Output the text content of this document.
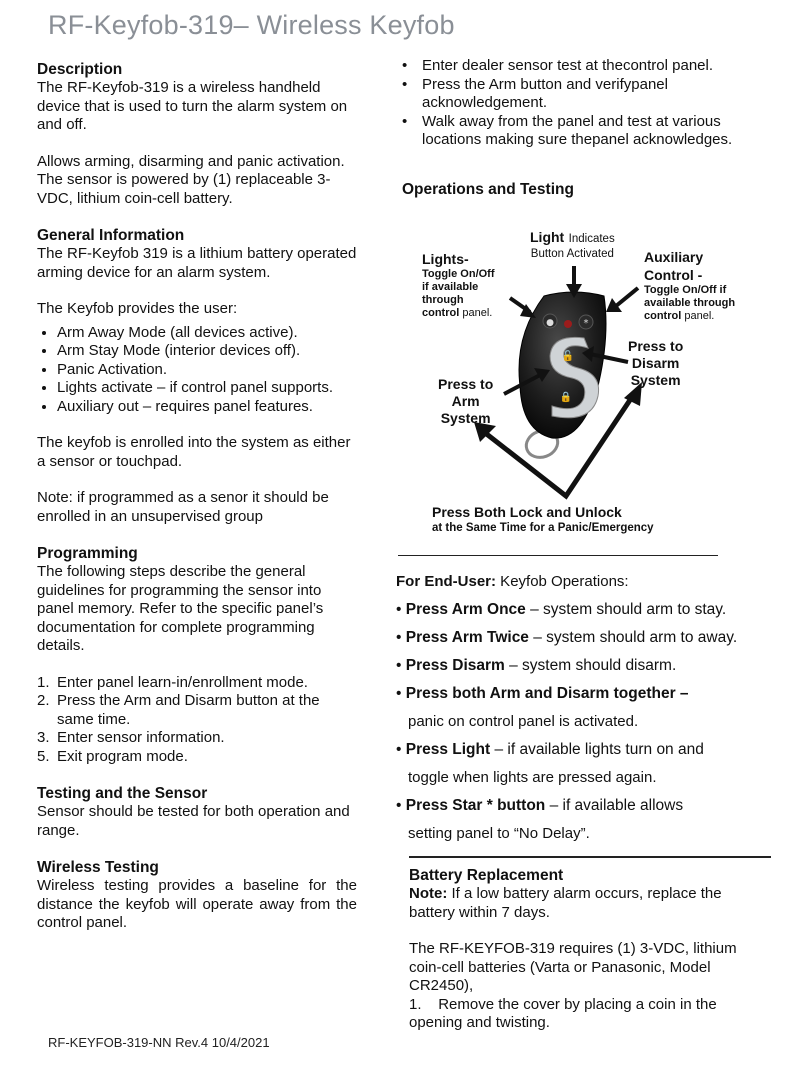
RF-Keyfob-319– Wireless Keyfob
Description

The RF-Keyfob-319 is a wireless handheld device that is used to turn the alarm system on and off.

Allows arming, disarming and panic activation. The sensor is powered by (1) replaceable 3-VDC, lithium coin-cell battery.

General Information

The RF-Keyfob 319 is a lithium battery operated arming device for an alarm system.

The Keyfob provides the user:

• Arm Away Mode (all devices active).
• Arm Stay Mode (interior devices off).
• Panic Activation.
• Lights activate – if control panel supports.
• Auxiliary out – requires panel features.

The keyfob is enrolled into the system as either a sensor or touchpad.

Note: if programmed as a senor it should be enrolled in an unsupervised group

Programming

The following steps describe the general guidelines for programming the sensor into panel memory. Refer to the specific panel’s documentation for complete programming details.

1. Enter panel learn-in/enrollment mode.
2. Press the Arm and Disarm button at the same time.
3. Enter sensor information.
5. Exit program mode.
Testing and the Sensor

Sensor should be tested for both operation and range.

Wireless Testing

Wireless testing provides a baseline for the distance the keyfob will operate away from the control panel.

• Enter dealer sensor test at thecontrol panel.
• Press the Arm button and verifypanel acknowledgement.
• Walk away from the panel and test at various locations making sure thepanel acknowledges.
Operations and Testing
●	*
🔓
🔒
Light Indicates
Button Activated
Lights-
Toggle On/Off
if available
through
control panel.
Auxiliary
Control -
Toggle On/Off if
available through
control panel.
Press to
Disarm
System
Press to
Arm
System
Press Both Lock and Unlock
at the Same Time for a Panic/Emergency
For End-User: Keyfob Operations:
• Press Arm Once – system should arm to stay.
• Press Arm Twice – system should arm to away.
• Press Disarm – system should disarm.
• Press both Arm and Disarm together –
panic on control panel is activated.
• Press Light – if available lights turn on and
toggle when lights are pressed again.
• Press Star * button – if available allows
setting panel to “No Delay”.
Battery Replacement

Note: If a low battery alarm occurs, replace the battery within 7 days.

The RF-KEYFOB-319 requires (1) 3-VDC, lithium coin-cell batteries (Varta or Panasonic, Model CR2450),

1. Remove the cover by placing a coin in the opening and twisting.

RF-KEYFOB-319-NN Rev.4 10/4/2021
